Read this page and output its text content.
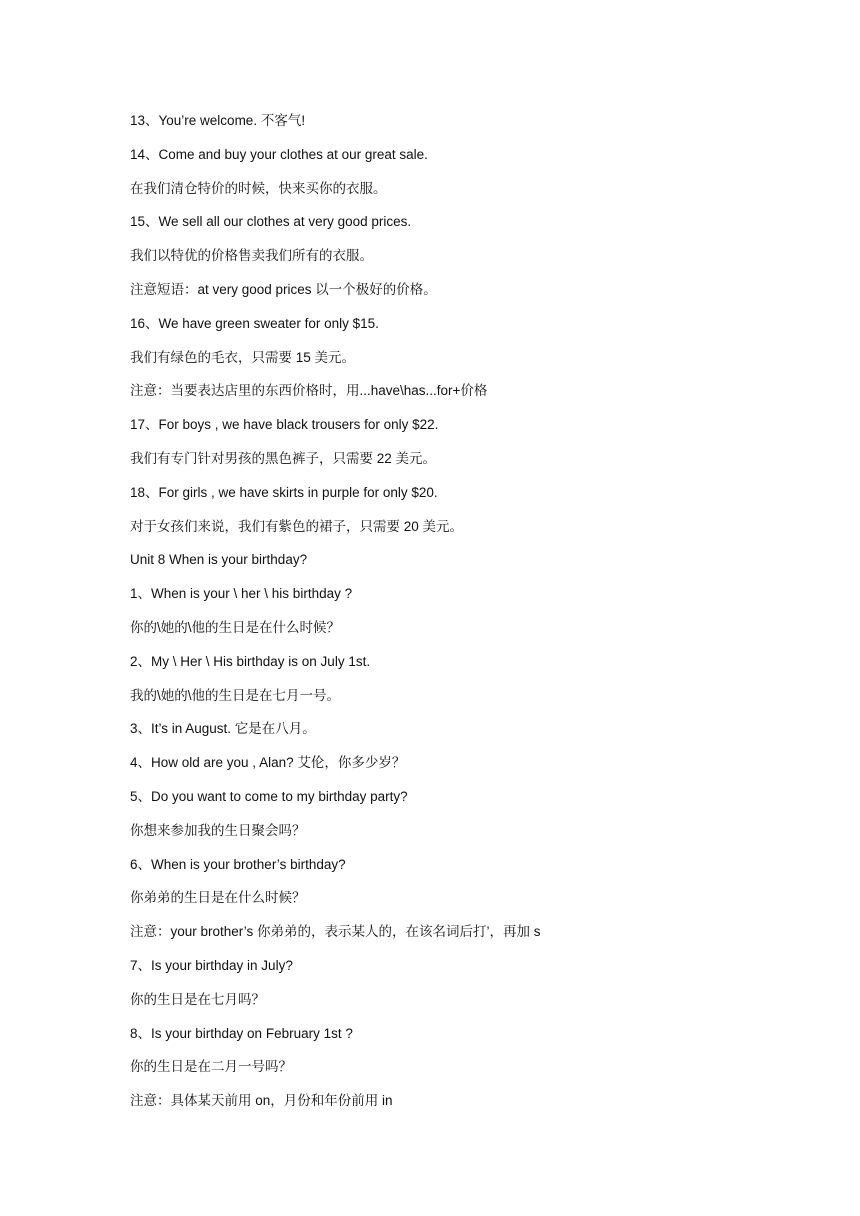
13、You’re welcome. 不客气!
14、Come and buy your clothes at our great sale.
在我们清仓特价的时候，快来买你的衣服。
15、We sell all our clothes at very good prices.
我们以特优的价格售卖我们所有的衣服。
注意短语：at very good prices 以一个极好的价格。
16、We have green sweater for only $15.
我们有绿色的毛衣，只需要 15 美元。
注意：当要表达店里的东西价格时，用...have\has...for+价格
17、For boys , we have black trousers for only $22.
我们有专门针对男孩的黑色裤子，只需要 22 美元。
18、For girls , we have skirts in purple for only $20.
对于女孩们来说，我们有紫色的裙子，只需要 20 美元。
Unit 8 When is your birthday?
1、When is your \ her \ his birthday ?
你的\她的\他的生日是在什么时候？
2、My \ Her \ His birthday is on July 1st.
我的\她的\他的生日是在七月一号。
3、It’s in August. 它是在八月。
4、How old are you , Alan? 艾伦，你多少岁？
5、Do you want to come to my birthday party?
你想来参加我的生日聚会吗？
6、When is your brother’s birthday?
你弟弟的生日是在什么时候？
注意：your brother’s 你弟弟的，表示某人的，在该名词后打’，再加 s
7、Is your birthday in July?
你的生日是在七月吗？
8、Is your birthday on February 1st ?
你的生日是在二月一号吗？
注意：具体某天前用 on，月份和年份前用 in
